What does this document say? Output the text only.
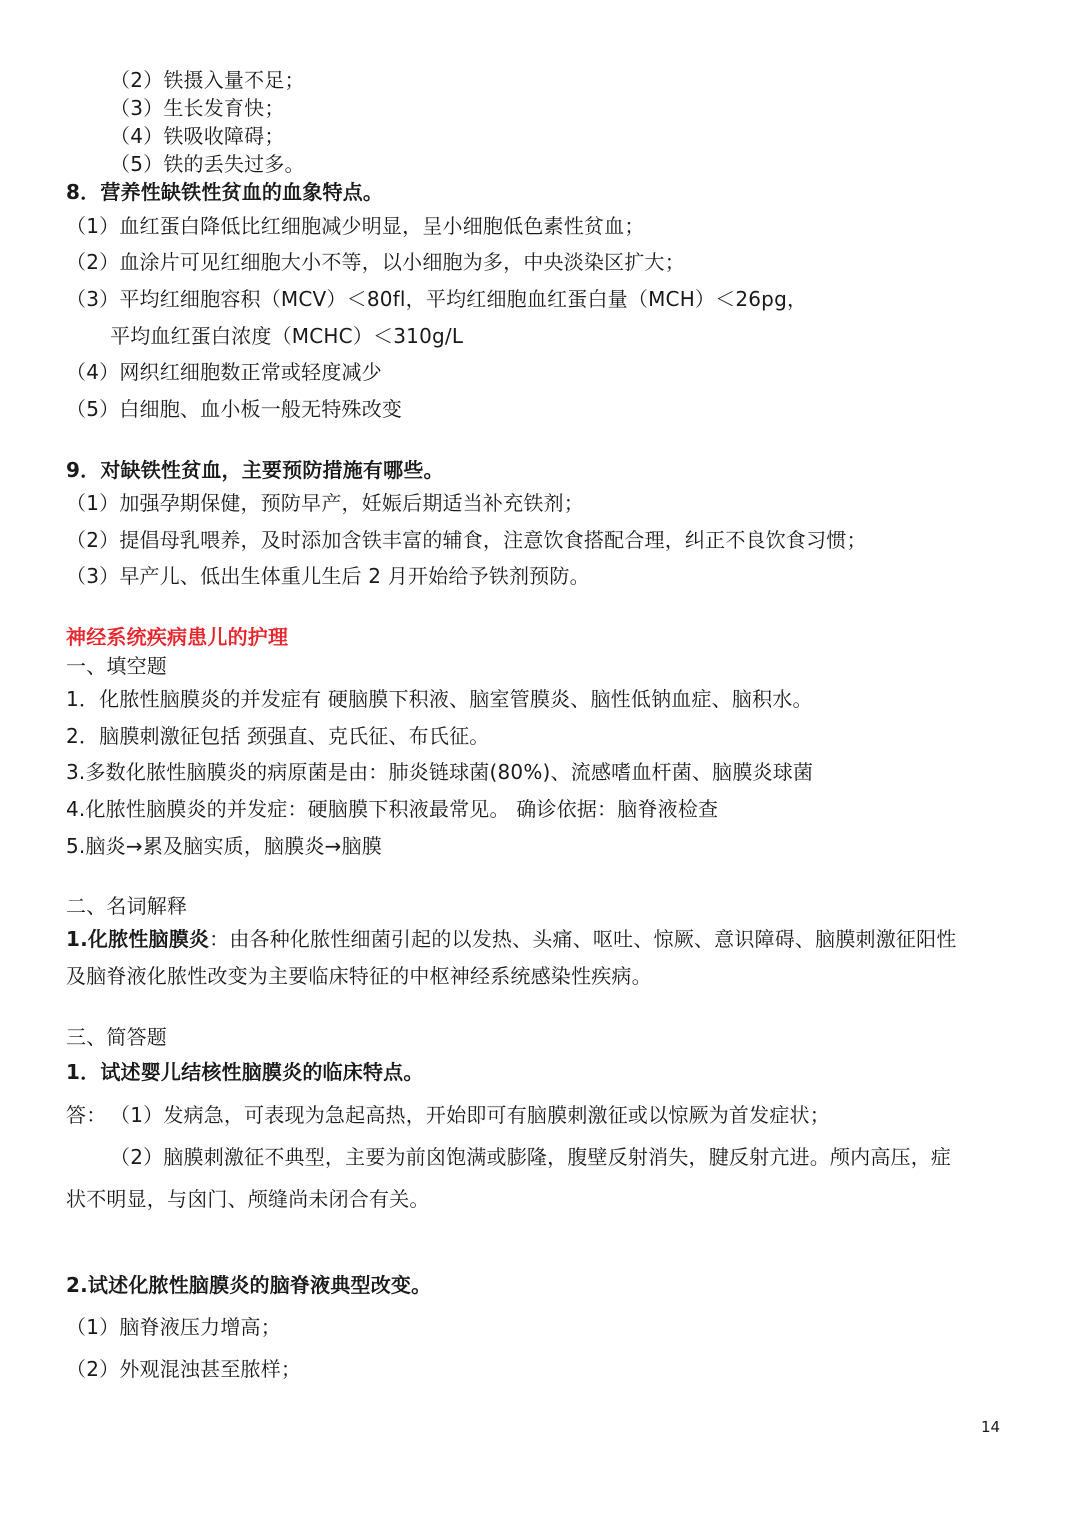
（2）铁摄入量不足；
（3）生长发育快；
（4）铁吸收障碍；
（5）铁的丢失过多。
8．营养性缺铁性贫血的血象特点。
（1）血红蛋白降低比红细胞减少明显，呈小细胞低色素性贫血；
（2）血涂片可见红细胞大小不等，以小细胞为多，中央淡染区扩大；
（3）平均红细胞容积（MCV）＜80fl，平均红细胞血红蛋白量（MCH）＜26pg，
平均血红蛋白浓度（MCHC）＜310g/L
（4）网织红细胞数正常或轻度减少
（5）白细胞、血小板一般无特殊改变
9．对缺铁性贫血，主要预防措施有哪些。
（1）加强孕期保健，预防早产，妊娠后期适当补充铁剂；
（2）提倡母乳喂养，及时添加含铁丰富的辅食，注意饮食搭配合理，纠正不良饮食习惯；
（3）早产儿、低出生体重儿生后 2 月开始给予铁剂预防。
神经系统疾病患儿的护理
一、填空题
1．化脓性脑膜炎的并发症有 硬脑膜下积液、脑室管膜炎、脑性低钠血症、脑积水。
2．脑膜刺激征包括 颈强直、克氏征、布氏征。
3.多数化脓性脑膜炎的病原菌是由：肺炎链球菌(80%)、流感嗜血杆菌、脑膜炎球菌
4.化脓性脑膜炎的并发症：硬脑膜下积液最常见。 确诊依据：脑脊液检查
5.脑炎→累及脑实质，脑膜炎→脑膜
二、名词解释
1.化脓性脑膜炎：由各种化脓性细菌引起的以发热、头痛、呕吐、惊厥、意识障碍、脑膜刺激征阳性
及脑脊液化脓性改变为主要临床特征的中枢神经系统感染性疾病。
三、简答题
1．试述婴儿结核性脑膜炎的临床特点。
答： （1）发病急，可表现为急起高热，开始即可有脑膜刺激征或以惊厥为首发症状；
（2）脑膜刺激征不典型，主要为前囟饱满或膨隆，腹壁反射消失，腱反射亢进。颅内高压，症
状不明显，与囟门、颅缝尚未闭合有关。
2.试述化脓性脑膜炎的脑脊液典型改变。
（1）脑脊液压力增高；
（2）外观混浊甚至脓样；
14
